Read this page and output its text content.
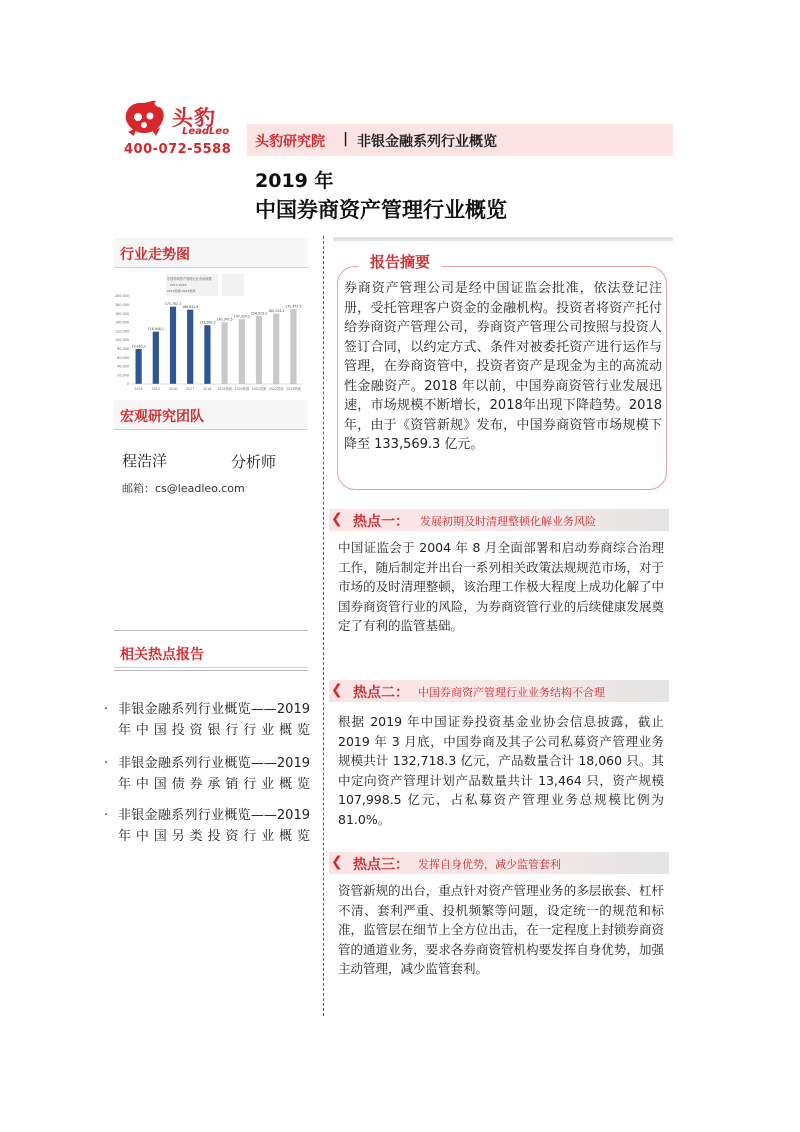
头豹
LeadLeo
400-072-5588 头豹研究院 | 非银金融系列行业概览
2019 年
中国券商资产管理行业概览
行业走势图
中国券商资产管理行业市场规模
2014-2018
2019预测-2023预测
200,000
180,000
160,000
140,000
120,000
100,000
80,000
60,000
40,000
20,000
0
79,463.3
118,948.1
175,762.1
168,842.9
133,569.3
140,347.5
147,394.2
154,529.2
160,254.3
170,472.5
2014	2015	2016	2017	2018 2019预测 2020预测 2021预测 2022预测 2023预测
宏观研究团队
程浩洋	分析师
邮箱：cs@leadleo.com
相关热点报告
· 非银金融系列行业概览——2019 年中国投资银行行业概览
· 非银金融系列行业概览——2019 年中国债券承销行业概览
· 非银金融系列行业概览——2019 年中国另类投资行业概览
报告摘要
券商资产管理公司是经中国证监会批准，依法登记注册，受托管理客户资金的金融机构。投资者将资产托付给券商资产管理公司，券商资产管理公司按照与投资人签订合同，以约定方式、条件对被委托资产进行运作与管理，在券商资管中，投资者资产是现金为主的高流动性金融资产。2018 年以前，中国券商资管行业发展迅速，市场规模不断增长，2018年出现下降趋势。2018 年，由于《资管新规》发布，中国券商资管市场规模下降至 133,569.3 亿元。
❮ 热点一： 发展初期及时清理整顿化解业务风险
中国证监会于 2004 年 8 月全面部署和启动券商综合治理工作，随后制定并出台一系列相关政策法规规范市场，对于市场的及时清理整顿，该治理工作极大程度上成功化解了中国券商资管行业的风险，为券商资管行业的后续健康发展奠定了有利的监管基础。
❮ 热点二： 中国券商资产管理行业业务结构不合理
根据 2019 年中国证券投资基金业协会信息披露，截止 2019 年 3 月底，中国券商及其子公司私募资产管理业务规模共计 132,718.3 亿元，产品数量合计 18,060 只。其中定向资产管理计划产品数量共计 13,464 只，资产规模 107,998.5 亿元，占私募资产管理业务总规模比例为 81.0%。
❮ 热点三： 发挥自身优势，减少监管套利
资管新规的出台，重点针对资产管理业务的多层嵌套、杠杆不清、套利严重、投机频繁等问题，设定统一的规范和标准，监管层在细节上全方位出击，在一定程度上封锁券商资管的通道业务，要求各券商资管机构要发挥自身优势，加强主动管理，减少监管套利。
